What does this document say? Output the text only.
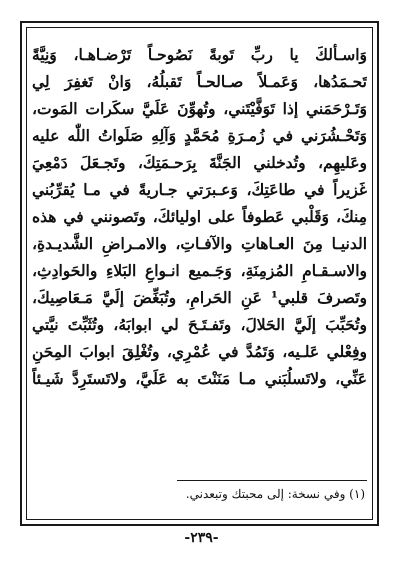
وَاسـألكَ يا ربِّ تَوبةً نَصُوحـاً تَرْضـاهـا، وَنِيَّةً
تَحـمَدُها، وَعَمـلاً صـالحـاً تَقبلُهُ، وَانْ تَغفِرَ لِي
وَتَـرْحَمَني إذا تَوَفَّيْتَني، وتُهوِّنَ عَلَيَّ سكَرات المَوت،
وَتَحْـشُرَني في زُمـرَةِ مُحَمَّدٍ وَآلِهِ صَلَواتُ اللّٰه عليه
وعَليهِم، وتُدخلني الجَنَّةَ بِرَحـمَتِكَ، وتَجـعَلَ دَمْعِيَ
غَزيراً في طاعَتِكَ، وَعـبرَتي جـاريةً في مـا يُقرِّبُني
مِنكَ، وَقَلْبي عَطوفاً على اوليائكَ، وتَصونني في هذه
الدنيـا مِنَ العـاهاتِ والآفـاتِ، والامـراضِ الشَّديـدةِ،
والاسـقـامِ المُزمِنَةِ، وَجَـميع انـواعِ البَلاءِ والحَوادِثِ،
وتَصرفَ قلبي¹ عَنِ الحَرامِ، وتُبَغِّضَ إلَيَّ مَـعَاصِيكَ،
وتُحَبِّبَ إلَيَّ الحَلالَ، وتَفـتَـحَ لي ابوابَهُ، وتُثَبِّتَ نيَّتي
وفِعْلي عَلـيه، وَتَمُدَّ في عُمْرِي، وتُغْلِقَ ابوابَ المِحَنِ
عَنِّي، ولاتَسلُبَني مـا مَنَنْتَ به عَلَيَّ، ولاتَستَرِدَّ شَيـئاً
(١) وفي نسخة: إلى محبتك وتبعدني.
-٢٣٩-
